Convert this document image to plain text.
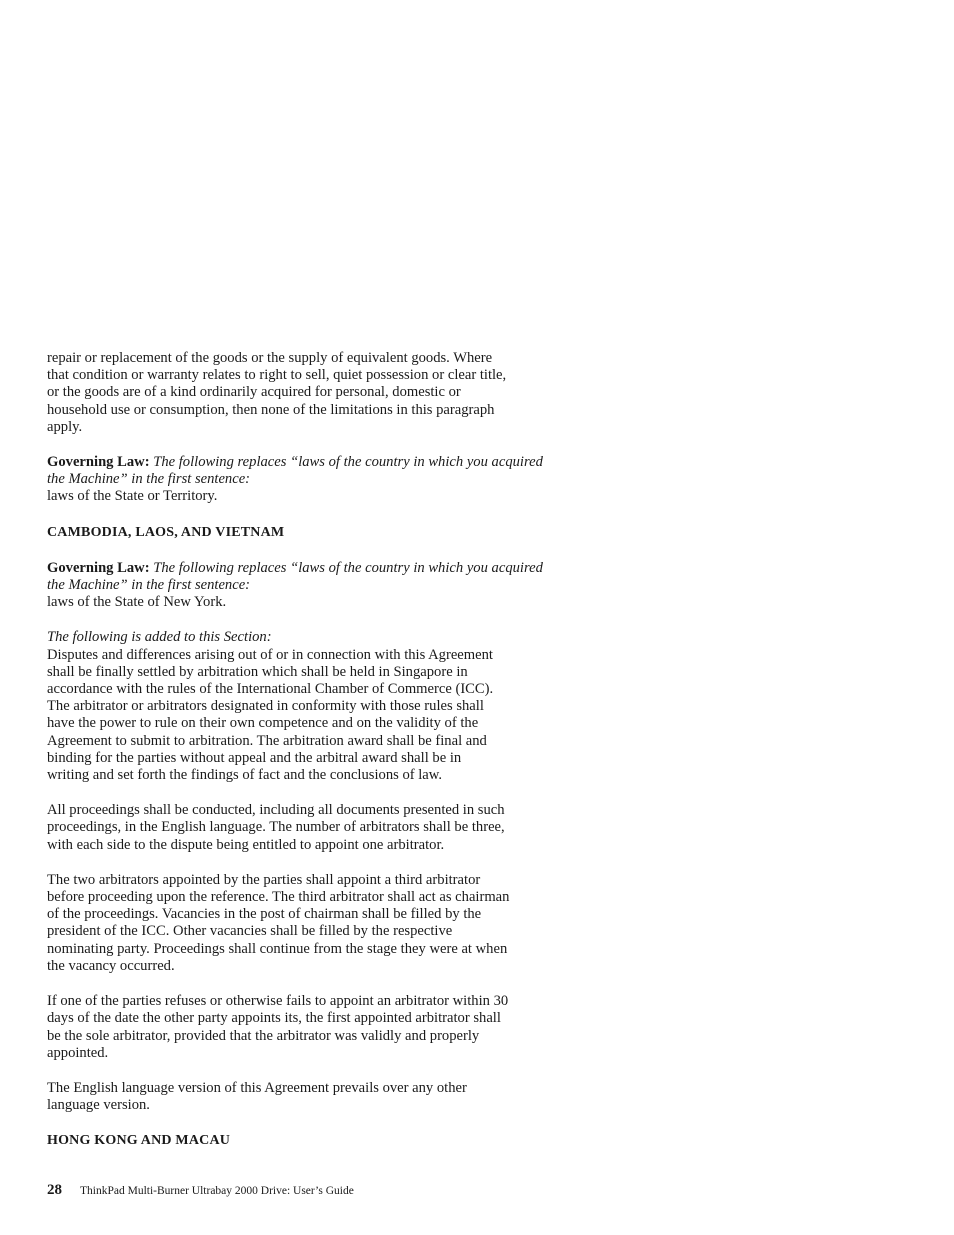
repair or replacement of the goods or the supply of equivalent goods. Where
that condition or warranty relates to right to sell, quiet possession or clear title,
or the goods are of a kind ordinarily acquired for personal, domestic or
household use or consumption, then none of the limitations in this paragraph
apply.

Governing Law: The following replaces “laws of the country in which you acquired
the Machine” in the first sentence:
laws of the State or Territory.

CAMBODIA, LAOS, AND VIETNAM

Governing Law: The following replaces “laws of the country in which you acquired
the Machine” in the first sentence:
laws of the State of New York.

The following is added to this Section:
Disputes and differences arising out of or in connection with this Agreement
shall be finally settled by arbitration which shall be held in Singapore in
accordance with the rules of the International Chamber of Commerce (ICC).
The arbitrator or arbitrators designated in conformity with those rules shall
have the power to rule on their own competence and on the validity of the
Agreement to submit to arbitration. The arbitration award shall be final and
binding for the parties without appeal and the arbitral award shall be in
writing and set forth the findings of fact and the conclusions of law.

All proceedings shall be conducted, including all documents presented in such
proceedings, in the English language. The number of arbitrators shall be three,
with each side to the dispute being entitled to appoint one arbitrator.

The two arbitrators appointed by the parties shall appoint a third arbitrator
before proceeding upon the reference. The third arbitrator shall act as chairman
of the proceedings. Vacancies in the post of chairman shall be filled by the
president of the ICC. Other vacancies shall be filled by the respective
nominating party. Proceedings shall continue from the stage they were at when
the vacancy occurred.

If one of the parties refuses or otherwise fails to appoint an arbitrator within 30
days of the date the other party appoints its, the first appointed arbitrator shall
be the sole arbitrator, provided that the arbitrator was validly and properly
appointed.

The English language version of this Agreement prevails over any other
language version.

HONG KONG AND MACAU
28 ThinkPad Multi-Burner Ultrabay 2000 Drive: User’s Guide
